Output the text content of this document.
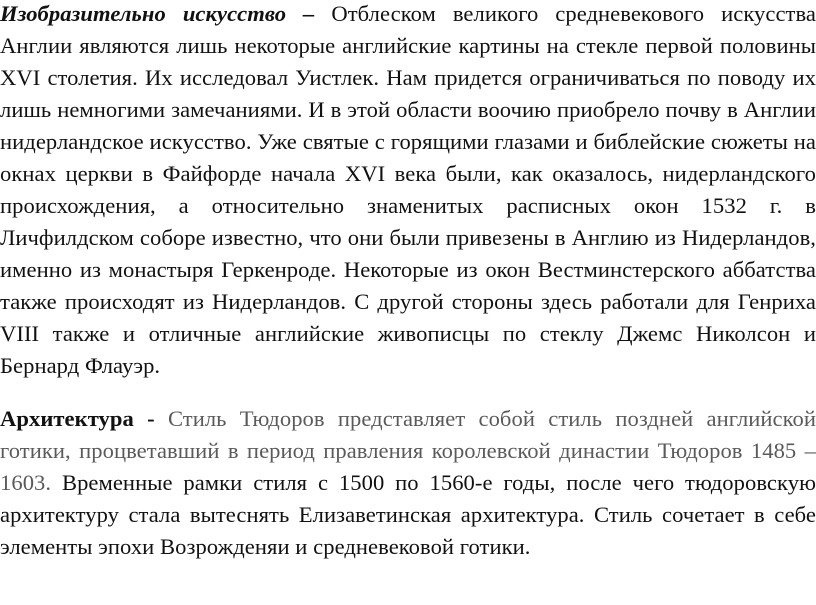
Изобразительно искусство – Отблеском великого средневекового искусства Англии являются лишь некоторые английские картины на стекле первой половины XVI столетия. Их исследовал Уистлек. Нам придется ограничиваться по поводу их лишь немногими замечаниями. И в этой области воочию приобрело почву в Англии нидерландское искусство. Уже святые с горящими глазами и библейские сюжеты на окнах церкви в Файфорде начала XVI века были, как оказалось, нидерландского происхождения, а относительно знаменитых расписных окон 1532 г. в Личфилдском соборе известно, что они были привезены в Англию из Нидерландов, именно из монастыря Геркенроде. Некоторые из окон Вестминстерского аббатства также происходят из Нидерландов. С другой стороны здесь работали для Генриха VIII также и отличные английские живописцы по стеклу Джемс Николсон и Бернард Флауэр.

Архитектура - Стиль Тюдоров представляет собой стиль поздней английской готики, процветавший в период правления королевской династии Тюдоров 1485 – 1603. Временные рамки стиля с 1500 по 1560-е годы, после чего тюдоровскую архитектуру стала вытеснять Елизаветинская архитектура. Стиль сочетает в себе элементы эпохи Возрожденяи и средневековой готики.
